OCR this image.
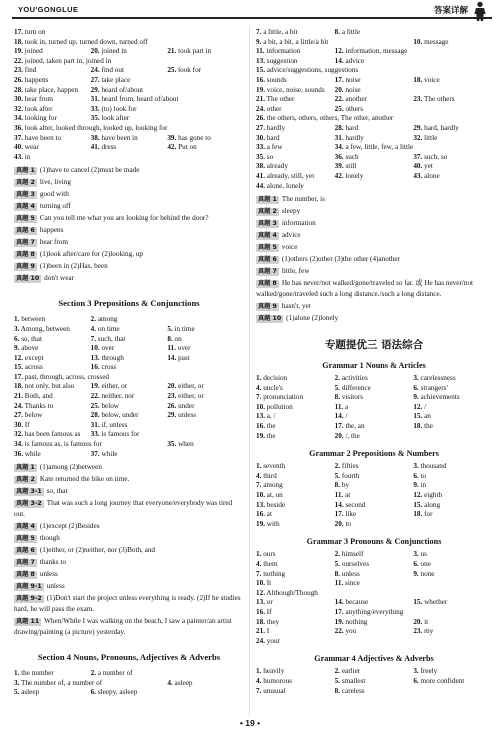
YOU'GONGLUE	答案详解
17. turn on
18. took in, turned up, turned down, turned off
19. joined	20. joined in	21. took part in
22. joined, taken part in, joined in
23. find	24. find out	25. look for
26. happens	27. take place
28. take place, happen	29. heard of/about
30. hear from	31. heard from, heard of/about
32. look after	33. (to) look for
34. looking for	35. look after
36. look after, looked through, looked up, looking for
37. have been to	38. have been in	39. has gone to
40. wear	41. dress	42. Put on
43. in
真题 1 (1)have to cancel (2)must be made
真题 2 live, living
真题 3 good with
真题 4 turning off
真题 5 Can you tell me what you are looking for behind the door?
真题 6 happens
真题 7 hear from
真题 8 (1)look after/care for (2)looking, up
真题 9 (1)been in (2)Has, been
真题 10 don't wear
Section 3 Prepositions & Conjunctions
1. between	2. among
3. Among, between	4. on time	5. in time
6. so, that	7. such, that	8. on
9. above	10. over	11. over
12. except	13. through	14. past
15. across	16. cross
17. past, through, across, crossed
18. not only, but also	19. either, or	20. either, or
21. Both, and	22. neither, nor	23. either, or
24. Thanks to	25. below	26. under
27. below	28. below, under	29. unless
30. If	31. if, unless
32. has been famous as	33. is famous for
34. is famous as, is famous for	35. when
36. while	37. while
真题 1 (1)among (2)between
真题 2 Kate returned the bike on time.
真题 3-1 so, that
真题 3-2 That was such a long journey that everyone/everybody was tired out.
真题 4 (1)except (2)Besides
真题 5 though
真题 6 (1)either, or (2)neither, nor (3)Both, and
真题 7 thanks to
真题 8 unless
真题 9-1 unless
真题 9-2 (1)Don't start the project unless everything is ready. (2)If he studies hard, he will pass the exam.
真题 11 When/While I was walking on the beach, I saw a painter/an artist drawing/painting (a picture) yesterday.
Section 4 Nouns, Pronouns, Adjectives & Adverbs
1. the number	2. a number of
3. The number of, a number of	4. asleep
5. asleep	6. sleepy, asleep
7. a little, a bit	8. a little
9. a bit, a bit, a little/a bit	10. message
11. information	12. information, message
13. suggestion	14. advice
15. advice/suggestions, suggestions
16. sounds	17. noise	18. voice
19. voice, noise, sounds	20. noise
21. The other	22. another	23. The others
24. other	25. others
26. the others, others, others, The other, another
27. hardly	28. hard	29. hard, hardly
30. hard	31. hardly	32. little
33. a few	34. a few, little, few, a little
35. so	36. such	37. such, so
38. already	39. still	40. yet
41. already, still, yet	42. lonely	43. alone
44. alone, lonely
真题 1 The number, is
真题 2 sleepy
真题 3 information
真题 4 advice
真题 5 voice
真题 6 (1)others (2)other (3)the other (4)another
真题 7 little, few
真题 8 He has never/not walked/gone/traveled so far. 或 He has never/not walked/gone/traveled such a long distance./such a long distance.
真题 9 hasn't, yet
真题 10 (1)alone (2)lonely
专题提优三 语法综合
Grammar 1 Nouns & Articles
1. decision	2. activities	3. carelessness
4. uncle's	5. difference	6. strangers'
7. pronunciation	8. visitors	9. achievements
10. pollution	11. a	12. /
13. a, /	14. /	15. an
16. the	17. the, an	18. the
19. the	20. /, the
Grammar 2 Prepositions & Numbers
1. seventh	2. fifties	3. thousand
4. third	5. fourth	6. to
7. among	8. by	9. in
10. at, on	11. at	12. eighth
13. beside	14. second	15. along
16. at	17. like	18. for
19. with	20. to
Grammar 3 Pronouns & Conjunctions
1. ours	2. himself	3. us
4. them	5. ourselves	6. one
7. nothing	8. unless	9. none
10. It	11. since
12. Although/Though
13. or	14. because	15. whether
16. If	17. anything/everything
18. they	19. nothing	20. it
21. I	22. you	23. my
24. your
Grammar 4 Adjectives & Adverbs
1. heavily	2. earlier	3. freely
4. humorous	5. smallest	6. more confident
7. unusual	8. careless
• 19 •
